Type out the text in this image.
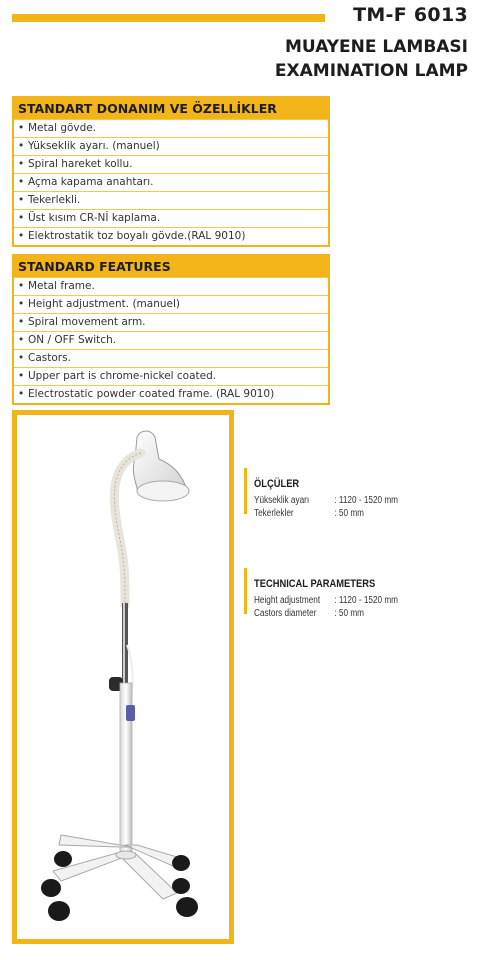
TM-F 6013
MUAYENE LAMBASI
EXAMINATION LAMP
STANDART DONANIM VE ÖZELLİKLER
• Metal gövde.
• Yükseklik ayarı. (manuel)
• Spiral hareket kollu.
• Açma kapama anahtarı.
• Tekerlekli.
• Üst kısım CR-Nİ kaplama.
• Elektrostatik toz boyalı gövde.(RAL 9010)
STANDARD FEATURES
• Metal frame.
• Height adjustment. (manuel)
• Spiral movement arm.
• ON / OFF Switch.
• Castors.
• Upper part is chrome-nickel coated.
• Electrostatic powder coated frame. (RAL 9010)
ÖLÇÜLER
Yükseklik ayarı	: 1120 - 1520 mm
Tekerlekler	: 50 mm
TECHNICAL PARAMETERS
Height adjustment : 1120 - 1520 mm
Castors diameter : 50 mm
